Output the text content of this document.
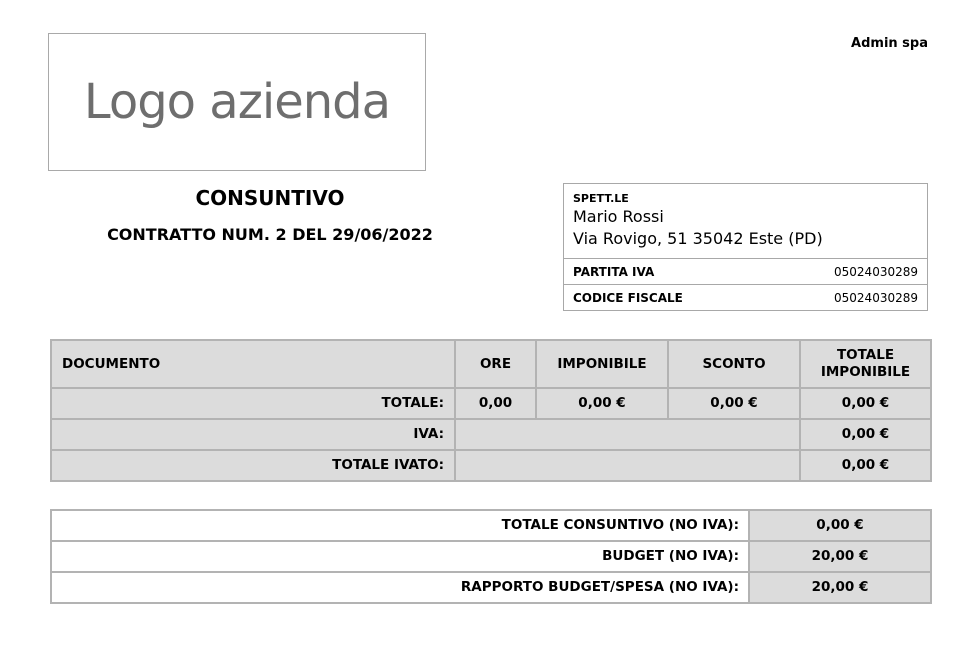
Logo azienda
Admin spa
CONSUNTIVO
CONTRATTO NUM. 2 DEL 29/06/2022
SPETT.LE
Mario Rossi
Via Rovigo, 51 35042 Este (PD)
PARTITA IVA	05024030289
CODICE FISCALE	05024030289
DOCUMENTO	ORE	IMPONIBILE	SCONTO	TOTALE IMPONIBILE
TOTALE:	0,00	0,00 €	0,00 €	0,00 €
IVA:				0,00 €
TOTALE IVATO:				0,00 €
TOTALE CONSUNTIVO (NO IVA):	0,00 €
BUDGET (NO IVA):	20,00 €
RAPPORTO BUDGET/SPESA (NO IVA):	20,00 €
